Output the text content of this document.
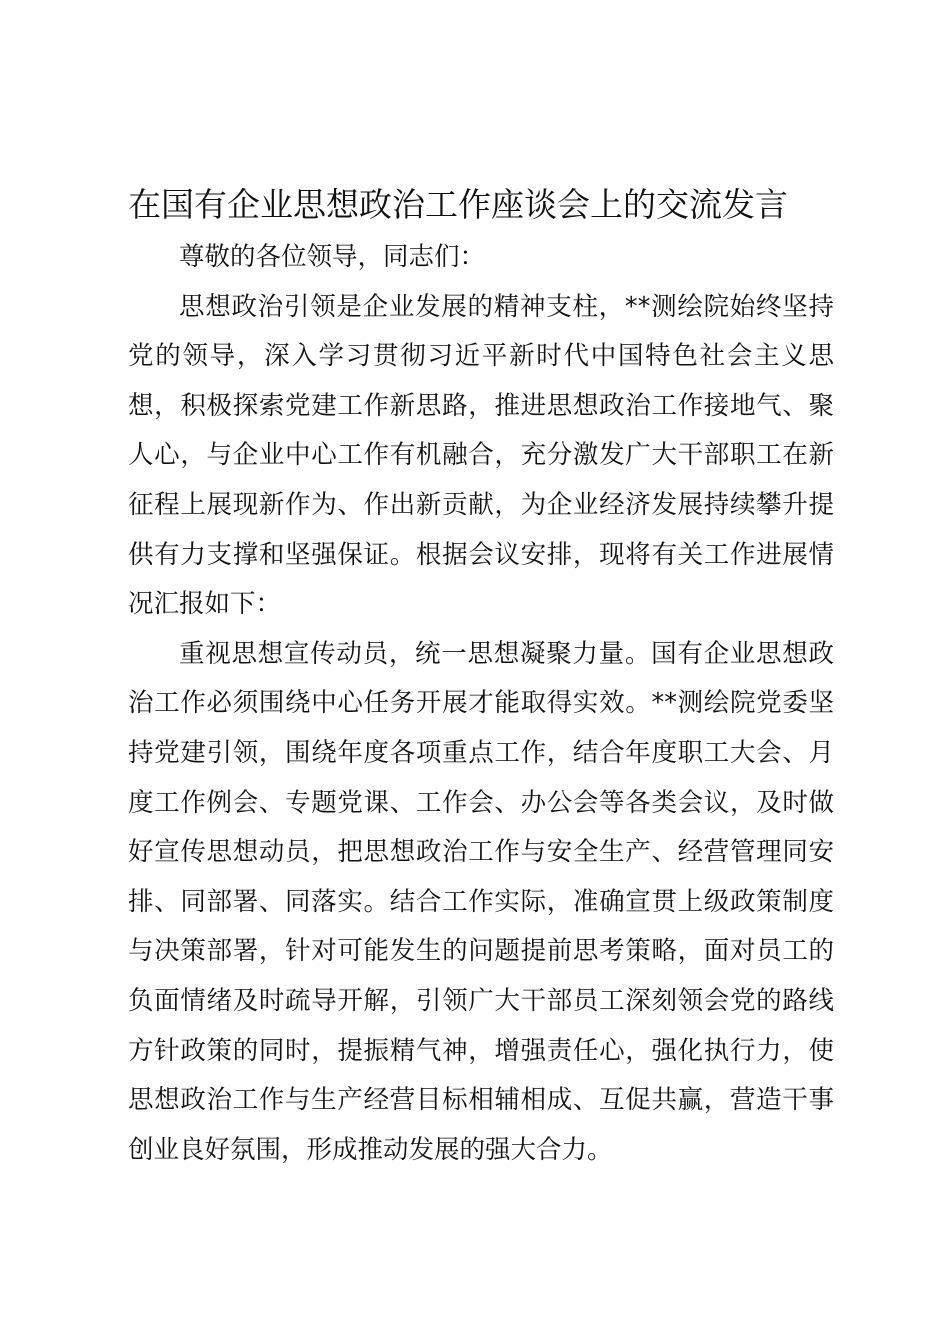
在国有企业思想政治工作座谈会上的交流发言

尊敬的各位领导，同志们：

思想政治引领是企业发展的精神支柱，**测绘院始终坚持党的领导，深入学习贯彻习近平新时代中国特色社会主义思想，积极探索党建工作新思路，推进思想政治工作接地气、聚人心，与企业中心工作有机融合，充分激发广大干部职工在新征程上展现新作为、作出新贡献，为企业经济发展持续攀升提供有力支撑和坚强保证。根据会议安排，现将有关工作进展情况汇报如下：

重视思想宣传动员，统一思想凝聚力量。国有企业思想政治工作必须围绕中心任务开展才能取得实效。**测绘院党委坚持党建引领，围绕年度各项重点工作，结合年度职工大会、月度工作例会、专题党课、工作会、办公会等各类会议，及时做好宣传思想动员，把思想政治工作与安全生产、经营管理同安排、同部署、同落实。结合工作实际，准确宣贯上级政策制度与决策部署，针对可能发生的问题提前思考策略，面对员工的负面情绪及时疏导开解，引领广大干部员工深刻领会党的路线方针政策的同时，提振精气神，增强责任心，强化执行力，使思想政治工作与生产经营目标相辅相成、互促共赢，营造干事创业良好氛围，形成推动发展的强大合力。
